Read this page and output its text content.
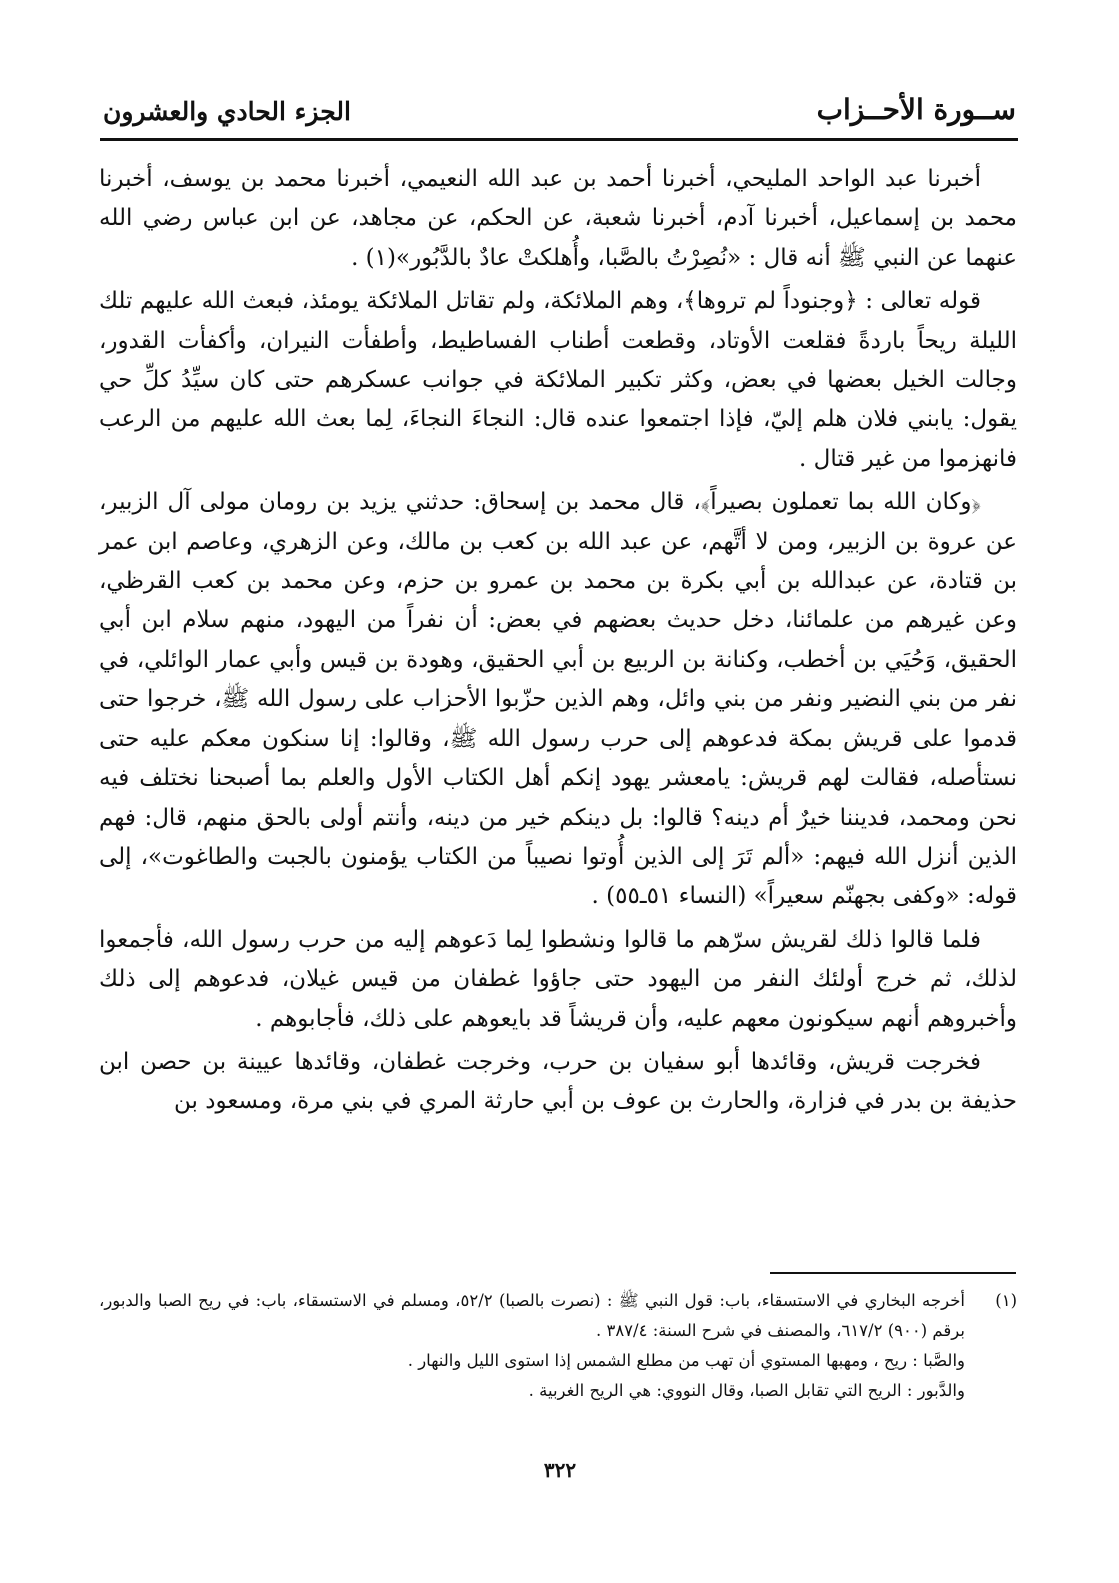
ســورة الأحــزاب
الجزء الحادي والعشرون

أخبرنا عبد الواحد المليحي، أخبرنا أحمد بن عبد الله النعيمي، أخبرنا محمد بن يوسف، أخبرنا محمد بن إسماعيل، أخبرنا آدم، أخبرنا شعبة، عن الحكم، عن مجاهد، عن ابن عباس رضي الله عنهما عن النبي ﷺ أنه قال : «نُصِرْتُ بالصَّبا، وأُهلكتْ عادٌ بالدَّبُور»(١) .

قوله تعالى : ﴿وجنوداً لم تروها﴾، وهم الملائكة، ولم تقاتل الملائكة يومئذ، فبعث الله عليهم تلك الليلة ريحاً باردةً فقلعت الأوتاد، وقطعت أطناب الفساطيط، وأطفأت النيران، وأكفأت القدور، وجالت الخيل بعضها في بعض، وكثر تكبير الملائكة في جوانب عسكرهم حتى كان سيِّدُ كلِّ حي يقول: يابني فلان هلم إليّ، فإذا اجتمعوا عنده قال: النجاءَ النجاءَ، لِما بعث الله عليهم من الرعب فانهزموا من غير قتال .

﴿وكان الله بما تعملون بصيراً﴾، قال محمد بن إسحاق: حدثني يزيد بن رومان مولى آل الزبير، عن عروة بن الزبير، ومن لا أتَّهم، عن عبد الله بن كعب بن مالك، وعن الزهري، وعاصم ابن عمر بن قتادة، عن عبدالله بن أبي بكرة بن محمد بن عمرو بن حزم، وعن محمد بن كعب القرظي، وعن غيرهم من علمائنا، دخل حديث بعضهم في بعض: أن نفراً من اليهود، منهم سلام ابن أبي الحقيق، وَحُيَي بن أخطب، وكنانة بن الربيع بن أبي الحقيق، وهودة بن قيس وأبي عمار الوائلي، في نفر من بني النضير ونفر من بني وائل، وهم الذين حزّبوا الأحزاب على رسول الله ﷺ، خرجوا حتى قدموا على قريش بمكة فدعوهم إلى حرب رسول الله ﷺ، وقالوا: إنا سنكون معكم عليه حتى نستأصله، فقالت لهم قريش: يامعشر يهود إنكم أهل الكتاب الأول والعلم بما أصبحنا نختلف فيه نحن ومحمد، فديننا خيرٌ أم دينه؟ قالوا: بل دينكم خير من دينه، وأنتم أولى بالحق منهم، قال: فهم الذين أنزل الله فيهم: «ألم تَرَ إلى الذين أُوتوا نصيباً من الكتاب يؤمنون بالجبت والطاغوت»، إلى قوله: «وكفى بجهنّم سعيراً» (النساء ٥١ـ٥٥) .

فلما قالوا ذلك لقريش سرّهم ما قالوا ونشطوا لِما دَعوهم إليه من حرب رسول الله، فأجمعوا لذلك، ثم خرج أولئك النفر من اليهود حتى جاؤوا غطفان من قيس غيلان، فدعوهم إلى ذلك وأخبروهم أنهم سيكونون معهم عليه، وأن قريشاً قد بايعوهم على ذلك، فأجابوهم .

فخرجت قريش، وقائدها أبو سفيان بن حرب، وخرجت غطفان، وقائدها عيينة بن حصن ابن حذيفة بن بدر في فزارة، والحارث بن عوف بن أبي حارثة المري في بني مرة، ومسعود بن

(١)
أخرجه البخاري في الاستسقاء، باب: قول النبي ﷺ : (نصرت بالصبا) ٥٢/٢، ومسلم في الاستسقاء، باب: في ريح الصبا والدبور، برقم (٩٠٠) ٦١٧/٢، والمصنف في شرح السنة: ٣٨٧/٤ .

والصَّبا : ريح ، ومهبها المستوي أن تهب من مطلع الشمس إذا استوى الليل والنهار .

والدَّبور : الريح التي تقابل الصبا، وقال النووي: هي الريح الغربية .

٣٢٢
